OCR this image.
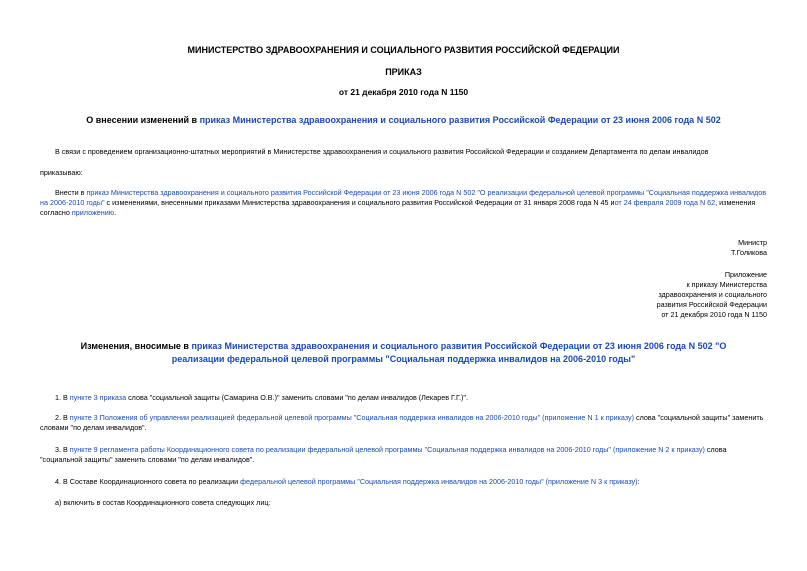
МИНИСТЕРСТВО ЗДРАВООХРАНЕНИЯ И СОЦИАЛЬНОГО РАЗВИТИЯ РОССИЙСКОЙ ФЕДЕРАЦИИ
ПРИКАЗ
от 21 декабря 2010 года N 1150
О внесении изменений в приказ Министерства здравоохранения и социального развития Российской Федерации от 23 июня 2006 года N 502
В связи с проведением организационно-штатных мероприятий в Министерстве здравоохранения и социального развития Российской Федерации и созданием Департамента по делам инвалидов
приказываю:
Внести в приказ Министерства здравоохранения и социального развития Российской Федерации от 23 июня 2006 года N 502 "О реализации федеральной целевой программы "Социальная поддержка инвалидов на 2006-2010 годы" с изменениями, внесенными приказами Министерства здравоохранения и социального развития Российской Федерации от 31 января 2008 года N 45 иот 24 февраля 2009 года N 62, изменения согласно приложению.
Министр
Т.Голикова
Приложение
к приказу Министерства
здравоохранения и социального
развития Российской Федерации
от 21 декабря 2010 года N 1150
Изменения, вносимые в приказ Министерства здравоохранения и социального развития Российской Федерации от 23 июня 2006 года N 502 "О реализации федеральной целевой программы "Социальная поддержка инвалидов на 2006-2010 годы"
1. В пункте 3 приказа слова "социальной защиты (Самарина О.В.)" заменить словами "по делам инвалидов (Лекарев Г.Г.)".
2. В пункте 3 Положения об управлении реализацией федеральной целевой программы "Социальная поддержка инвалидов на 2006-2010 годы" (приложение N 1 к приказу) слова "социальной защиты" заменить словами "по делам инвалидов".
3. В пункте 9 регламента работы Координационного совета по реализации федеральной целевой программы "Социальная поддержка инвалидов на 2006-2010 годы" (приложение N 2 к приказу) слова "социальной защиты" заменить словами "по делам инвалидов".
4. В Составе Координационного совета по реализации федеральной целевой программы "Социальная поддержка инвалидов на 2006-2010 годы" (приложение N 3 к приказу):
а) включить в состав Координационного совета следующих лиц:
